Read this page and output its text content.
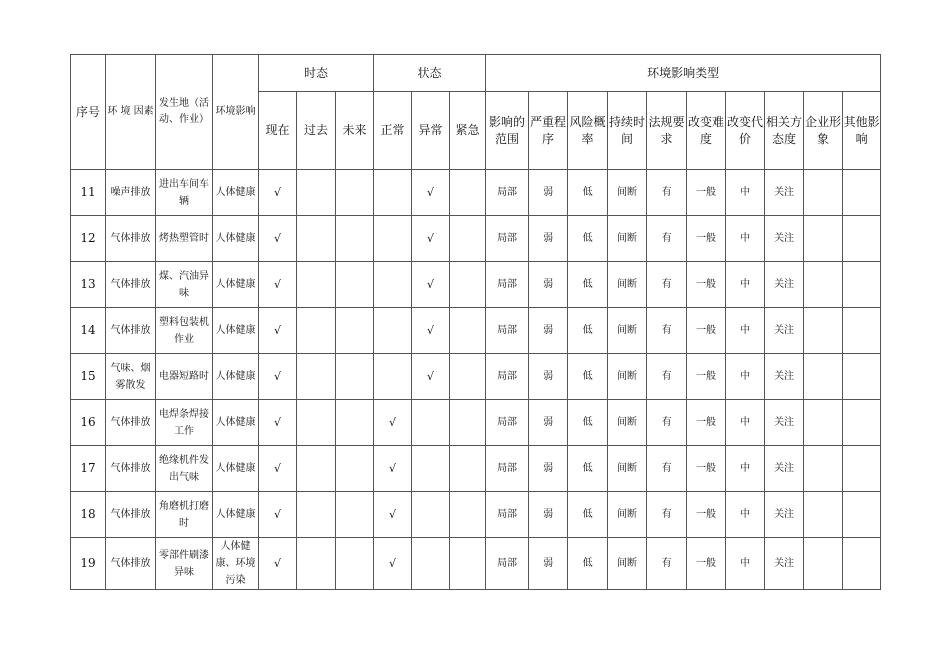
序号	环 境 因素	发生地（活动、作业）	环境影响	时态			状态			环境影响类型									
				现在	过去	未来	正常	异常	紧急	影响的范围	严重程序	风险概率	持续时间	法规要求	改变难度	改变代价	相关方态度	企业形象	其他影响
11	噪声排放	进出车间车辆	人体健康	√				√		局部	弱	低	间断	有	一般	中	关注		
12	气体排放	烤热塑管时	人体健康	√				√		局部	弱	低	间断	有	一般	中	关注		
13	气体排放	煤、汽油异味	人体健康	√				√		局部	弱	低	间断	有	一般	中	关注		
14	气体排放	塑料包装机作业	人体健康	√				√		局部	弱	低	间断	有	一般	中	关注		
15	气味、烟雾散发	电器短路时	人体健康	√				√		局部	弱	低	间断	有	一般	中	关注		
16	气体排放	电焊条焊接工作	人体健康	√			√			局部	弱	低	间断	有	一般	中	关注		
17	气体排放	绝缘机件发出气味	人体健康	√			√			局部	弱	低	间断	有	一般	中	关注		
18	气体排放	角磨机打磨时	人体健康	√			√			局部	弱	低	间断	有	一般	中	关注		
19	气体排放	零部件刷漆异味	人体健康、环境污染	√			√			局部	弱	低	间断	有	一般	中	关注		
